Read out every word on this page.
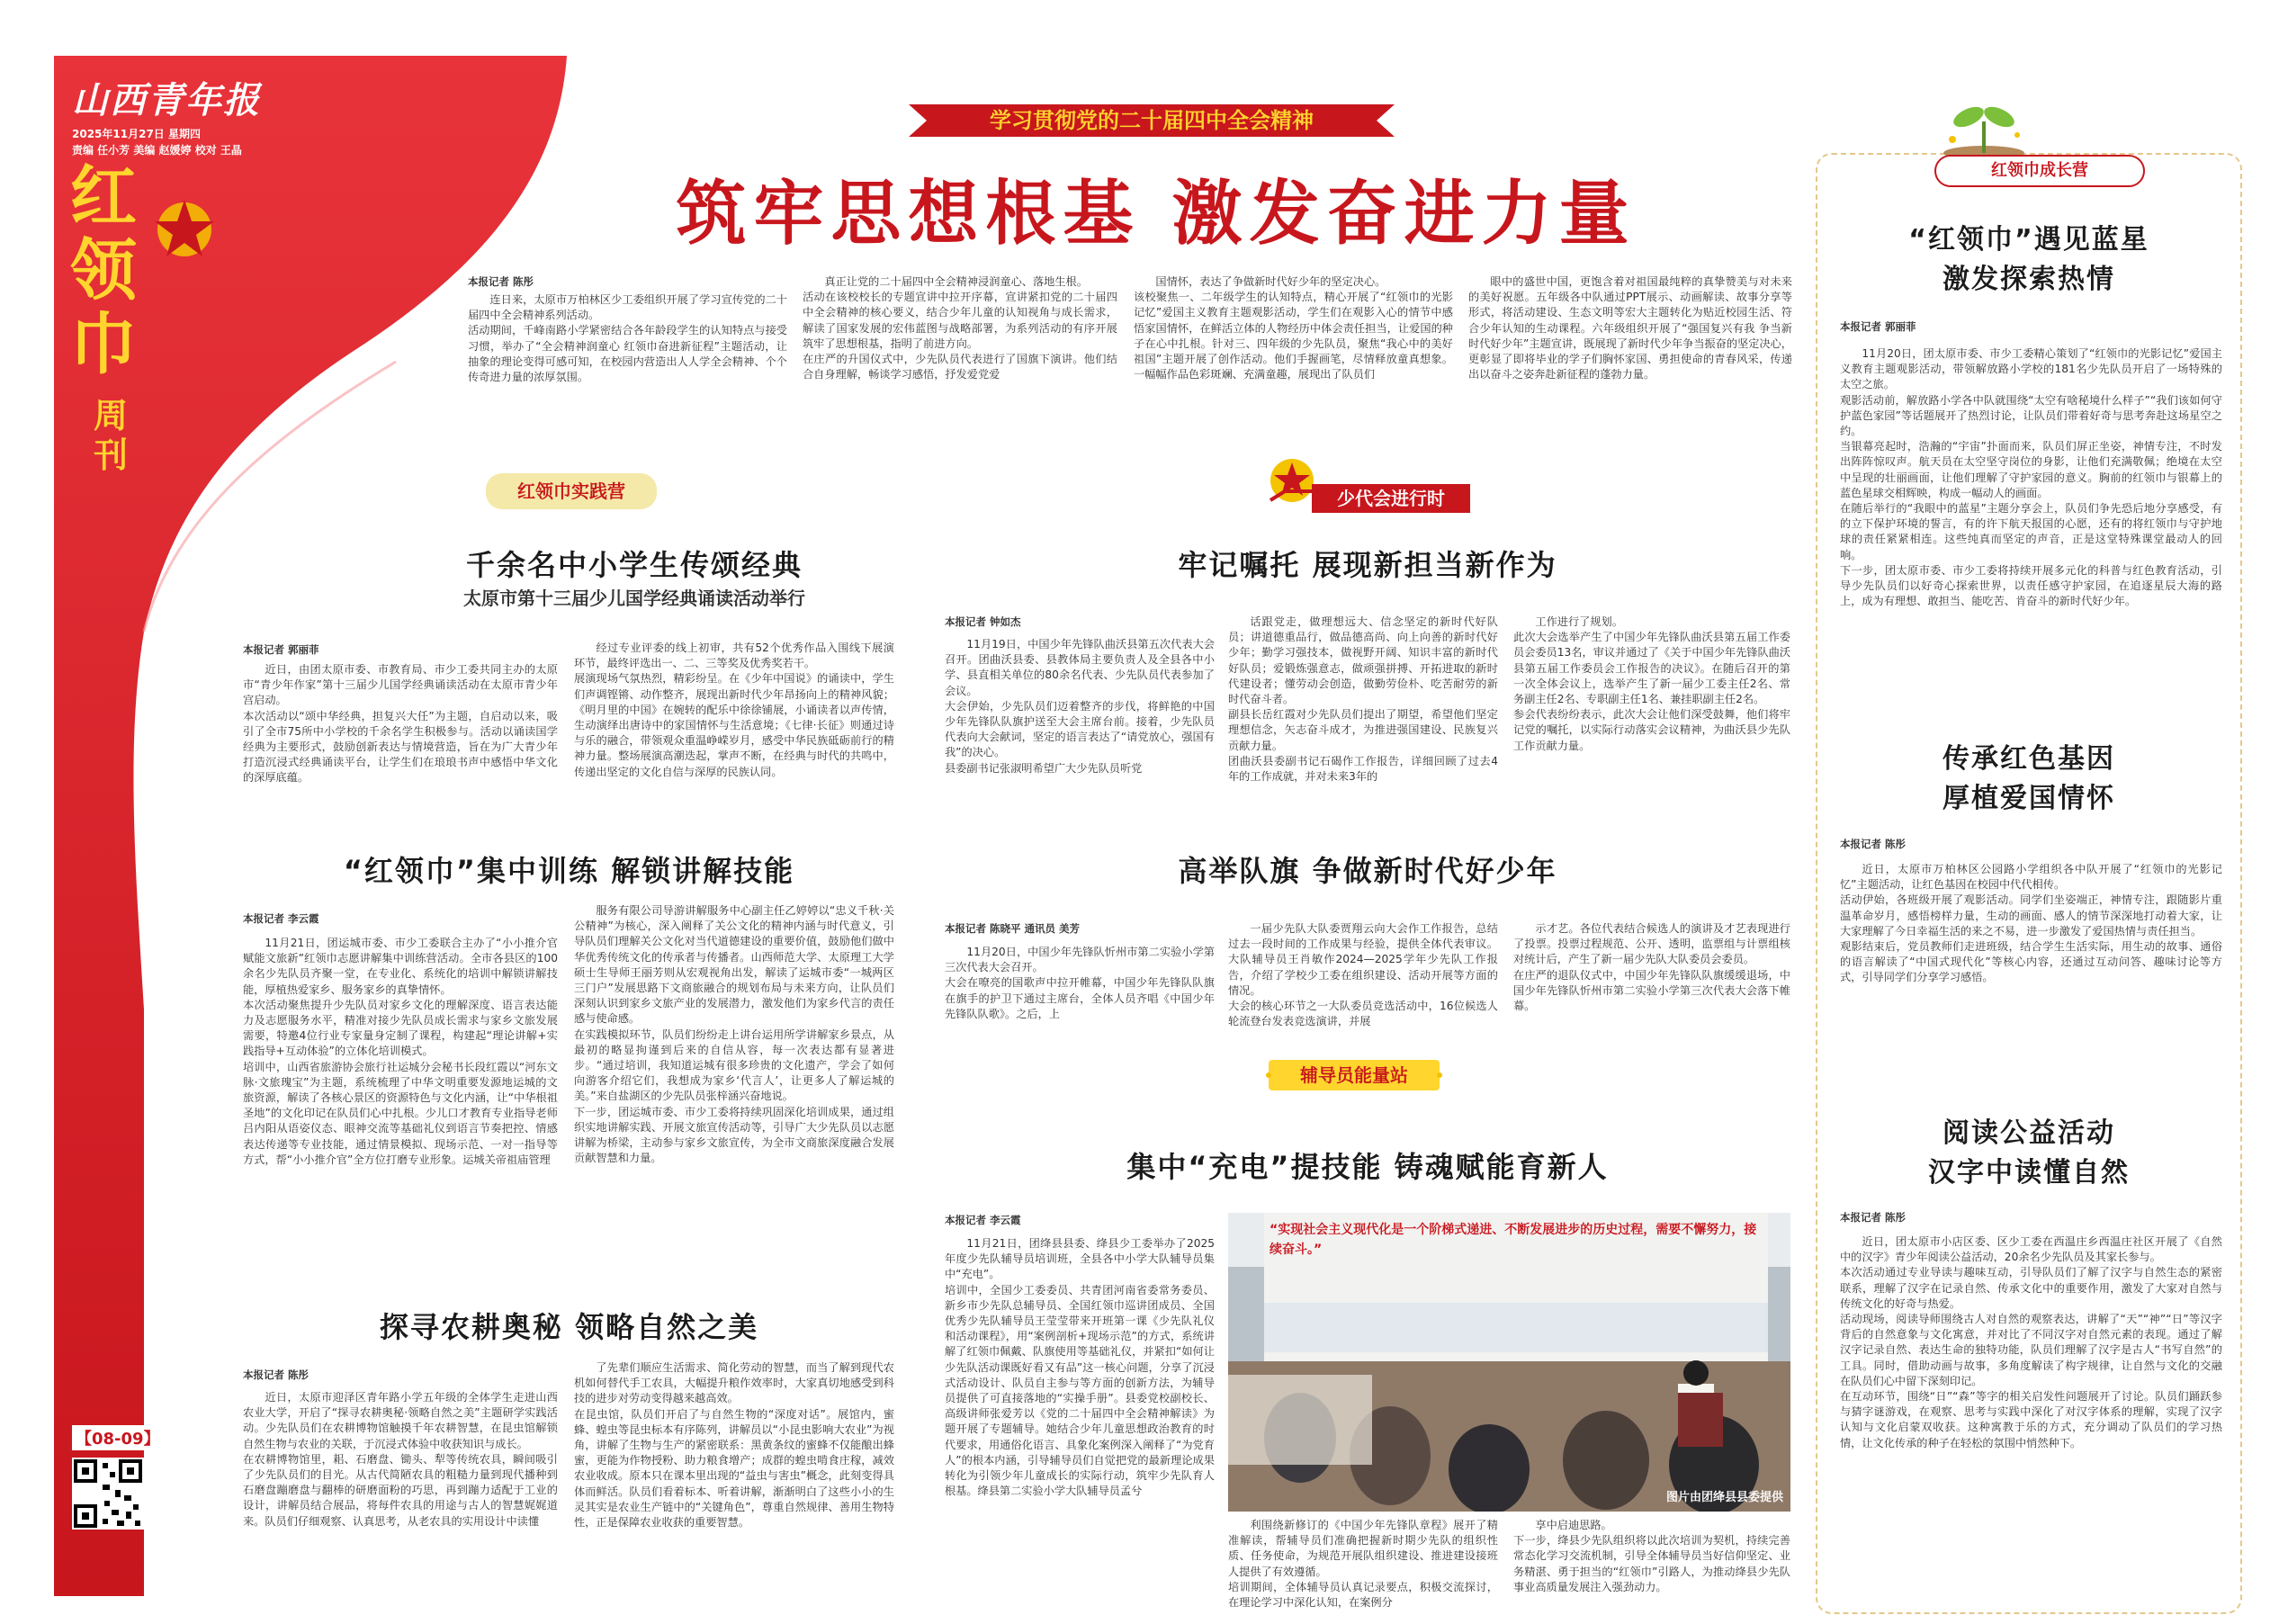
山西青年报
2025年11月27日 星期四
责编 任小芳 美编 赵媛婷 校对 王晶
红领巾
周刊
【08-09】
学习贯彻党的二十届四中全会精神
筑牢思想根基 激发奋进力量
本报记者 陈彤
连日来，太原市万柏林区少工委组织开展了学习宣传党的二十届四中全会精神系列活动。
活动期间，千峰南路小学紧密结合各年龄段学生的认知特点与接受习惯，举办了“全会精神润童心 红领巾奋进新征程”主题活动，让抽象的理论变得可感可知，在校园内营造出人人学全会精神、个个传奇进力量的浓厚氛围。
真正让党的二十届四中全会精神浸润童心、落地生根。
活动在该校校长的专题宣讲中拉开序幕，宣讲紧扣党的二十届四中全会精神的核心要义，结合少年儿童的认知视角与成长需求，解读了国家发展的宏伟蓝图与战略部署，为系列活动的有序开展筑牢了思想根基，指明了前进方向。
在庄严的升国仪式中，少先队员代表进行了国旗下演讲。他们结合自身理解，畅谈学习感悟，抒发爱党爱
国情怀，表达了争做新时代好少年的坚定决心。
该校聚焦一、二年级学生的认知特点，精心开展了“红领巾的光影记忆”爱国主义教育主题观影活动，学生们在观影入心的情节中感悟家国情怀，在鲜活立体的人物经历中体会责任担当，让爱国的种子在心中扎根。针对三、四年级的少先队员，聚焦“我心中的美好祖国”主题开展了创作活动。他们手握画笔，尽情释放童真想象。一幅幅作品色彩斑斓、充满童趣，展现出了队员们
眼中的盛世中国，更饱含着对祖国最纯粹的真挚赞美与对未来的美好祝愿。五年级各中队通过PPT展示、动画解读、故事分享等形式，将活动建设、生态文明等宏大主题转化为贴近校园生活、符合少年认知的生动课程。六年级组织开展了“强国复兴有我 争当新时代好少年”主题宣讲，既展现了新时代少年争当振奋的坚定决心，更彰显了即将毕业的学子们胸怀家国、勇担使命的青春风采，传递出以奋斗之姿奔赴新征程的蓬勃力量。
红领巾实践营
千余名中小学生传颂经典
太原市第十三届少儿国学经典诵读活动举行
本报记者 郭丽菲
近日，由团太原市委、市教育局、市少工委共同主办的太原市“青少年作家”第十三届少儿国学经典诵读活动在太原市青少年宫启动。
本次活动以“颂中华经典，担复兴大任”为主题，自启动以来，吸引了全市75所中小学校的千余名学生积极参与。活动以诵读国学经典为主要形式，鼓励创新表达与情境营造，旨在为广大青少年打造沉浸式经典诵读平台，让学生们在琅琅书声中感悟中华文化的深厚底蕴。
经过专业评委的线上初审，共有52个优秀作品入围线下展演环节，最终评选出一、二、三等奖及优秀奖若干。
展演现场气氛热烈，精彩纷呈。在《少年中国说》的诵读中，学生们声调铿锵、动作整齐，展现出新时代少年昂扬向上的精神风貌；《明月里的中国》在婉转的配乐中徐徐铺展，小诵读者以声传情，生动演绎出唐诗中的家国情怀与生活意境；《七律·长征》则通过诗与乐的融合，带领观众重温峥嵘岁月，感受中华民族砥砺前行的精神力量。整场展演高潮迭起，掌声不断，在经典与时代的共鸣中，传递出坚定的文化自信与深厚的民族认同。
“红领巾”集中训练 解锁讲解技能
本报记者 李云霞
11月21日，团运城市委、市少工委联合主办了“小小推介官赋能文旅新”红领巾志愿讲解集中训练营活动。全市各县区的100余名少先队员齐聚一堂，在专业化、系统化的培训中解锁讲解技能，厚植热爱家乡、服务家乡的真挚情怀。
本次活动聚焦提升少先队员对家乡文化的理解深度、语言表达能力及志愿服务水平，精准对接少先队员成长需求与家乡文旅发展需要，特邀4位行业专家量身定制了课程，构建起“理论讲解+实践指导+互动体验”的立体化培训模式。
培训中，山西省旅游协会旅行社运城分会秘书长段红霞以“河东文脉·文旅瑰宝”为主题，系统梳理了中华文明重要发源地运城的文旅资源，解读了各核心景区的资源特色与文化内涵，让“中华根祖圣地”的文化印记在队员们心中扎根。少儿口才教育专业指导老师吕内阳从语姿仪态、眼神交流等基础礼仪到语言节奏把控、情感表达传递等专业技能，通过情景模拟、现场示范、一对一指导等方式，帮“小小推介官”全方位打磨专业形象。运城关帝祖庙管理
服务有限公司导游讲解服务中心副主任乙婷婷以“忠义千秋·关公精神”为核心，深入阐释了关公文化的精神内涵与时代意义，引导队员们理解关公文化对当代道德建设的重要价值，鼓励他们做中华优秀传统文化的传承者与传播者。山西师范大学、太原理工大学硕士生导师王丽芳则从宏观视角出发，解读了运城市委“一城两区三门户”发展思路下文商旅融合的规划布局与未来方向，让队员们深刻认识到家乡文旅产业的发展潜力，激发他们为家乡代言的责任感与使命感。
在实践模拟环节，队员们纷纷走上讲台运用所学讲解家乡景点，从最初的略显拘谨到后来的自信从容，每一次表达都有显著进步。“通过培训，我知道运城有很多珍贵的文化遗产，学会了如何向游客介绍它们，我想成为家乡‘代言人’，让更多人了解运城的美。”来自盐湖区的少先队员张梓涵兴奋地说。
下一步，团运城市委、市少工委将持续巩固深化培训成果，通过组织实地讲解实践、开展文旅宣传活动等，引导广大少先队员以志愿讲解为桥梁，主动参与家乡文旅宣传，为全市文商旅深度融合发展贡献智慧和力量。
探寻农耕奥秘 领略自然之美
本报记者 陈彤
近日，太原市迎泽区青年路小学五年级的全体学生走进山西农业大学，开启了“探寻农耕奥秘·领略自然之美”主题研学实践活动。少先队员们在农耕博物馆触摸千年农耕智慧，在昆虫馆解锁自然生物与农业的关联，于沉浸式体验中收获知识与成长。
在农耕博物馆里，耜、石磨盘、锄头、犁等传统农具，瞬间吸引了少先队员们的目光。从古代简陋农具的粗糙力量到现代播种到石磨盘蹦磨盘与翻棒的研磨面粉的巧思，再到蹦力适配于工业的设计，讲解员结合展品，将每件农具的用途与古人的智慧娓娓道来。队员们仔细观察、认真思考，从老农具的实用设计中读懂
了先辈们顺应生活需求、简化劳动的智慧，而当了解到现代农机如何替代手工农具，大幅提升粮作效率时，大家真切地感受到科技的进步对劳动变得越来越高效。
在昆虫馆，队员们开启了与自然生物的“深度对话”。展馆内，蜜蜂、蝗虫等昆虫标本有序陈列，讲解员以“小昆虫影响大农业”为视角，讲解了生物与生产的紧密联系：黑黄条纹的蜜蜂不仅能酿出蜂蜜，更能为作物授粉、助力粮食增产；成群的蝗虫啃食庄稼，减效农业收成。原本只在课本里出现的“益虫与害虫”概念，此刻变得具体而鲜活。队员们看着标本、听着讲解，渐渐明白了这些小小的生灵其实是农业生产链中的“关键角色”，尊重自然规律、善用生物特性，正是保障农业收获的重要智慧。
少代会进行时
牢记嘱托 展现新担当新作为
本报记者 钟如杰
11月19日，中国少年先锋队曲沃县第五次代表大会召开。团曲沃县委、县教体局主要负责人及全县各中小学、县直相关单位的80余名代表、少先队员代表参加了会议。
大会伊始，少先队员们迈着整齐的步伐，将鲜艳的中国少年先锋队队旗护送至大会主席台前。接着，少先队员代表向大会献词，坚定的语言表达了“请党放心，强国有我”的决心。
县委副书记张淑明希望广大少先队员听党
话跟党走，做理想远大、信念坚定的新时代好队员；讲道德重品行，做品德高尚、向上向善的新时代好少年；勤学习强技本，做视野开阔、知识丰富的新时代好队员；爱锻炼强意志，做顽强拼搏、开拓进取的新时代建设者；懂劳动会创造，做勤劳俭朴、吃苦耐劳的新时代奋斗者。
副县长岳红霞对少先队员们提出了期望，希望他们坚定理想信念，矢志奋斗成才，为推进强国建设、民族复兴贡献力量。
团曲沃县委副书记石碣作工作报告，详细回顾了过去4年的工作成就，并对未来3年的
工作进行了规划。
此次大会选举产生了中国少年先锋队曲沃县第五届工作委员会委员13名，审议并通过了《关于中国少年先锋队曲沃县第五届工作委员会工作报告的决议》。在随后召开的第一次全体会议上，选举产生了新一届少工委主任2名、常务副主任2名、专职副主任1名、兼挂职副主任2名。
参会代表纷纷表示，此次大会让他们深受鼓舞，他们将牢记党的嘱托，以实际行动落实会议精神，为曲沃县少先队工作贡献力量。
高举队旗 争做新时代好少年
本报记者 陈晓平 通讯员 美芳
11月20日，中国少年先锋队忻州市第二实验小学第三次代表大会召开。
大会在嘹亮的国歌声中拉开帷幕，中国少年先锋队队旗在旗手的护卫下通过主席台，全体人员齐唱《中国少年先锋队队歌》。之后，上
一届少先队大队委贾翔云向大会作工作报告，总结过去一段时间的工作成果与经验，提供全体代表审议。大队辅导员王肖敏作2024—2025学年少先队工作报告，介绍了学校少工委在组织建设、活动开展等方面的情况。
大会的核心环节之一大队委员竞选活动中，16位候选人轮流登台发表竞选演讲，并展
示才艺。各位代表结合候选人的演讲及才艺表现进行了投票。投票过程规范、公开、透明，监票组与计票组核对统计后，产生了新一届少先队大队委员会委员。
在庄严的退队仪式中，中国少年先锋队队旗缓缓退场，中国少年先锋队忻州市第二实验小学第三次代表大会落下帷幕。
辅导员能量站
集中“充电”提技能 铸魂赋能育新人
本报记者 李云霞
11月21日，团绛县县委、绛县少工委举办了2025年度少先队辅导员培训班，全县各中小学大队辅导员集中“充电”。
培训中，全国少工委委员、共青团河南省委常务委员、新乡市少先队总辅导员、全国红领巾巡讲团成员、全国优秀少先队辅导员王莹莹带来开班第一课《少先队礼仪和活动课程》，用“案例剖析+现场示范”的方式，系统讲解了红领巾佩戴、队旗使用等基础礼仪，并紧扣“如何让少先队活动课既好看又有品”这一核心问题，分享了沉浸式活动设计、队员自主参与等方面的创新方法，为辅导员提供了可直接落地的“实操手册”。县委党校副校长、高级讲师张爱芳以《党的二十届四中全会精神解读》为题开展了专题辅导。她结合少年儿童思想政治教育的时代要求，用通俗化语言、具象化案例深入阐释了“为党育人”的根本内涵，引导辅导员们自觉把党的最新理论成果转化为引领少年儿童成长的实际行动，筑牢少先队育人根基。绛县第二实验小学大队辅导员孟兮
“实现社会主义现代化是一个阶梯式递进、不断发展进步的历史过程，需要不懈努力，接续奋斗。”
图片由团绛县县委提供
利围绕新修订的《中国少年先锋队章程》展开了精准解读，帮辅导员们准确把握新时期少先队的组织性质、任务使命，为规范开展队组织建设、推进建设接班人提供了有效遵循。
培训期间，全体辅导员认真记录要点，积极交流探讨，在理论学习中深化认知，在案例分
享中启迪思路。
下一步，绛县少先队组织将以此次培训为契机，持续完善常态化学习交流机制，引导全体辅导员当好信仰坚定、业务精湛、勇于担当的“红领巾”引路人，为推动绛县少先队事业高质量发展注入强劲动力。
红领巾成长营
“红领巾”遇见蓝星
激发探索热情
本报记者 郭丽菲
11月20日，团太原市委、市少工委精心策划了“红领巾的光影记忆”爱国主义教育主题观影活动，带领解放路小学校的181名少先队员开启了一场特殊的太空之旅。
观影活动前，解放路小学各中队就围绕“太空有啥秘境什么样子”“我们该如何守护蓝色家园”等话题展开了热烈讨论，让队员们带着好奇与思考奔赴这场星空之约。
当银幕亮起时，浩瀚的“宇宙”扑面而来，队员们屏正坐姿，神情专注，不时发出阵阵惊叹声。航天员在太空坚守岗位的身影，让他们充满敬佩；绝境在太空中呈现的壮丽画面，让他们理解了守护家园的意义。胸前的红领巾与银幕上的蓝色星球交相辉映，构成一幅动人的画面。
在随后举行的“我眼中的蓝星”主题分享会上，队员们争先恐后地分享感受，有的立下保护环境的誓言，有的许下航天报国的心愿，还有的将红领巾与守护地球的责任紧紧相连。这些纯真而坚定的声音，正是这堂特殊课堂最动人的回响。
下一步，团太原市委、市少工委将持续开展多元化的科普与红色教育活动，引导少先队员们以好奇心探索世界，以责任感守护家园，在追逐星辰大海的路上，成为有理想、敢担当、能吃苦、肯奋斗的新时代好少年。
传承红色基因
厚植爱国情怀
本报记者 陈彤
近日，太原市万柏林区公园路小学组织各中队开展了“红领巾的光影记忆”主题活动，让红色基因在校园中代代相传。
活动伊始，各班级开展了观影活动。同学们坐姿端正，神情专注，跟随影片重温革命岁月，感悟榜样力量，生动的画面、感人的情节深深地打动着大家，让大家理解了今日幸福生活的来之不易，进一步激发了爱国热情与责任担当。
观影结束后，党员教师们走进班级，结合学生生活实际，用生动的故事、通俗的语言解读了“中国式现代化”等核心内容，还通过互动问答、趣味讨论等方式，引导同学们分享学习感悟。
阅读公益活动
汉字中读懂自然
本报记者 陈彤
近日，团太原市小店区委、区少工委在西温庄乡西温庄社区开展了《自然中的汉字》青少年阅读公益活动，20余名少先队员及其家长参与。
本次活动通过专业导读与趣味互动，引导队员们了解了汉字与自然生态的紧密联系，理解了汉字在记录自然、传承文化中的重要作用，激发了大家对自然与传统文化的好奇与热爱。
活动现场，阅读导师围绕古人对自然的观察表达，讲解了“天”“神”“日”等汉字背后的自然意象与文化寓意，并对比了不同汉字对自然元素的表现。通过了解汉字记录自然、表达生命的独特功能，队员们理解了汉字是古人“书写自然”的工具。同时，借助动画与故事，多角度解读了构字规律，让自然与文化的交融在队员们心中留下深刻印记。
在互动环节，围绕“日”“森”等字的相关启发性问题展开了讨论。队员们踊跃参与猜字谜游戏，在观察、思考与实践中深化了对汉字体系的理解，实现了汉字认知与文化启蒙双收获。这种寓教于乐的方式，充分调动了队员们的学习热情，让文化传承的种子在轻松的氛围中悄然种下。
